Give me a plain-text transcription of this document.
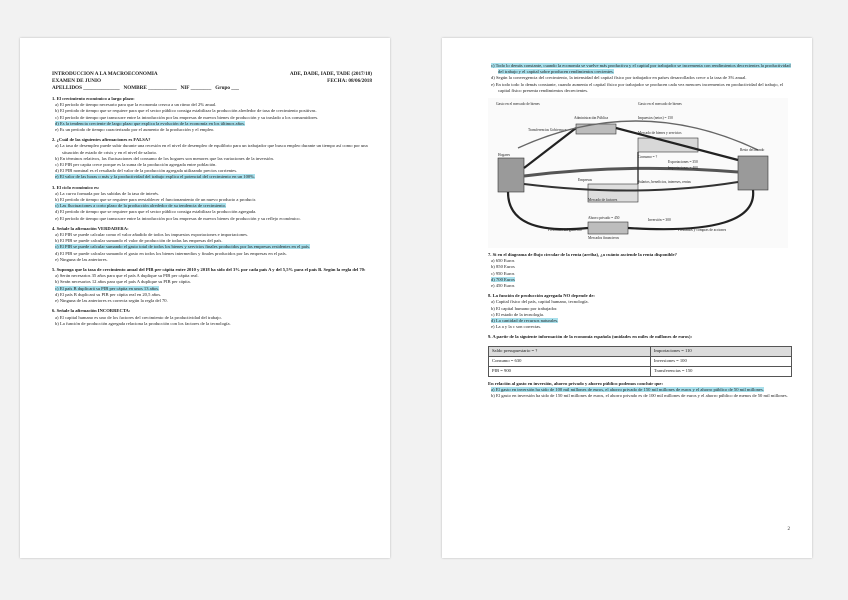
INTRODUCCION A LA MACROECONOMIA	ADE, DADE, IADE, TADE (2017/18)
EXAMEN DE JUNIO	FECHA: 08/06/2018
APELLIDOS ______________ NOMBRE ___________ NIF ________ Grupo ___
1. El crecimiento económico a largo plazo:

a) El período de tiempo necesario para que la economía crezca a un ritmo del 2% anual.

b) El período de tiempo que se requiere para que el sector público consiga estabilizar la producción alrededor de tasa de crecimiento positivas.

c) El período de tiempo que transcurre entre la introducción por las empresas de nuevos bienes de producción y su traslado a los consumidores.

d) Es la tendencia creciente de largo plazo que explica la evolución de la economía en los últimos años.

e) Es un período de tiempo caracterizado por el aumento de la producción y el empleo.

2. ¿Cuál de las siguientes afirmaciones es FALSA?

a) La tasa de desempleo puede subir durante una recesión en el nivel de desempleo de equilibrio para un trabajador que busca empleo durante un tiempo así como por una situación de estado de crisis y en el nivel de salario.

b) En términos relativos, las fluctuaciones del consumo de los hogares son menores que las variaciones de la inversión.

c) El PIB per capita crece porque es la suma de la producción agregada entre población.

d) El PIB nominal es el resultado del valor de la producción agregada utilizando precios corrientes.

e) El valor de las horas o más y la productividad del trabajo explica el potencial del crecimiento en un 100%.

3. El ciclo económico es:

a) La curva formada por las subidas de la tasa de interés.

b) El período de tiempo que se requiere para reestablecer el funcionamiento de un nuevo producto a producir.

c) Las fluctuaciones a corto plazo de la producción alrededor de su tendencia de crecimiento.

d) El período de tiempo que se requiere para que el sector público consiga estabilizar la producción agregada.

e) El período de tiempo que transcurre entre la introducción por las empresas de nuevos bienes de producción y su reflejo económico.

4. Señale la afirmación VERDADERA:

a) El PIB se puede calcular como el valor añadido de todos los impuestos exportaciones e importaciones.

b) El PIB se puede calcular sumando el valor de producción de todas las empresas del país.

c) El PIB se puede calcular sumando el gasto total de todos los bienes y servicios finales producidos por las empresas residentes en el país.

d) El PIB se puede calcular sumando el gasto en todos los bienes intermedios y finales producidos por las empresas en el país.

e) Ninguna de las anteriores.

5. Suponga que la tasa de crecimiento anual del PIB per cápita entre 2010 y 2018 ha sido del 3% por cada país A y del 5,5% para el país B. Según la regla del 70:

a) Serán necesarios 35 años para que el país A duplique su PIB per cápita real.

b) Serán necesarios 12 años para que el país A duplique su PIB per cápita.

c) El país B duplicará su PIB per cápita en unos 13 años.

d) El país B duplicará su PIB per cápita real en 20,5 años.

e) Ninguna de las anteriores es correcta según la regla del 70.

6. Señale la afirmación INCORRECTA:

a) El capital humano es uno de los factores del crecimiento de la productividad del trabajo.

b) La función de producción agregada relaciona la producción con los factores de la tecnología.

c) Todo lo demás constante, cuando la economía se vuelve más productiva y el capital por trabajador se incrementa con rendimientos decrecientes la productividad del trabajo y el capital sobre producen rendimientos crecientes.

d) Según la convergencia del crecimiento, la intensidad del capital físico por trabajador en países desarrollados crece a la tasa de 3% anual.

e) En todo todo lo demás constante, cuando aumenta el capital físico por trabajador se producen cada vez menores incrementos en productividad del trabajo, el capital físico presenta rendimientos decrecientes.

Gasto en el mercado de bienes	Gasto en el mercado de bienes
Impuestos (netos) = 150
Administración Pública
Transferencias Gobierno =
Mercado de bienes y servicios
Consumo = ?
Exportaciones = 350
Importaciones = 400
Resto del mundo
Hogares
Empresas	Salarios, beneficios, intereses, rentas
Mercado de factores
Ahorro privado = 450
Mercados financieros
Inversión = 300
Préstamos del gobierno	Préstamos y compras de acciones
7. Si en el diagrama de flujo circular de la renta (arriba), ¿a cuánto asciende la renta disponible?

a) 650 Euros

b) 850 Euros

c) 950 Euros

d) 700 Euros

e) 450 Euros

8. La función de producción agregada NO depende de:

a) Capital físico del país, capital humano, tecnología.

b) El capital humano por trabajador.

c) El estado de la tecnología.

d) La cantidad de recursos naturales.

e) La a y la c son correctas.

9. A partir de la siguiente información de la economía española (unidades en miles de millones de euros):
Saldo presupuestario = ?	Importaciones = 110
Consumo = 630	Inversiones = 100
PIB = 900	Transferencias = 150
En relación al gasto en inversión, ahorro privado y ahorro público podemos concluir que:

a) El gasto en inversión ha sido de 100 mil millones de euros, el ahorro privado de 150 mil millones de euros y el ahorro público de 50 mil millones.

b) El gasto en inversión ha sido de 150 mil millones de euros, el ahorro privado es de 100 mil millones de euros y el ahorro público de menos de 50 mil millones.

2
